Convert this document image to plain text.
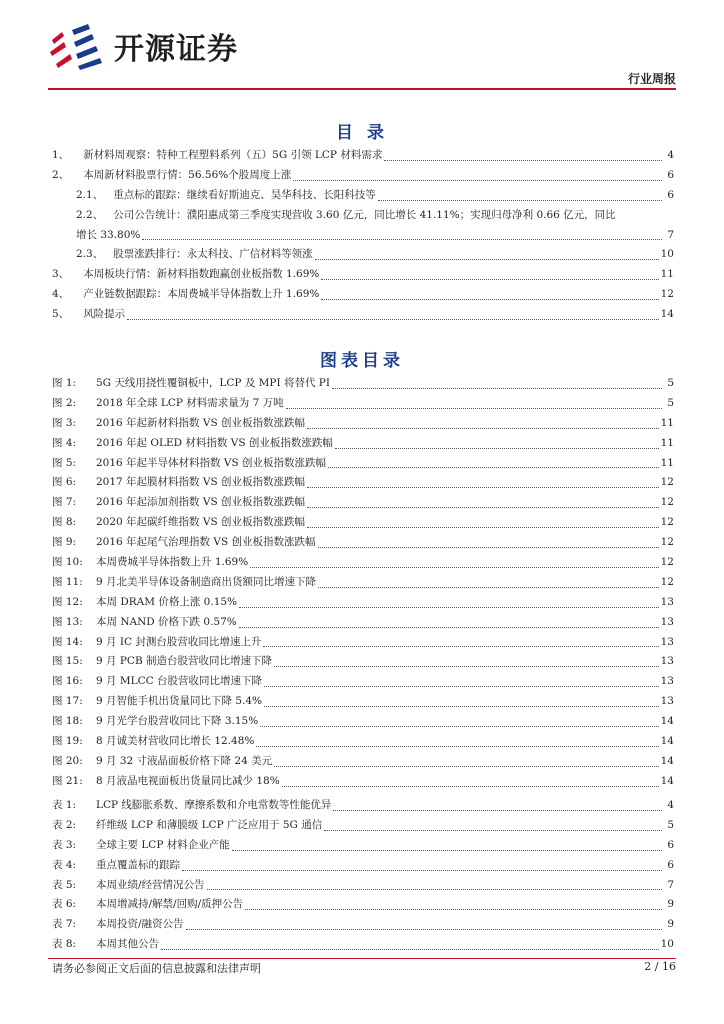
开源证券
行业周报
目 录
1、 新材料周观察：特种工程塑料系列（五）5G 引领 LCP 材料需求	4
2、 本周新材料股票行情：56.56%个股周度上涨	6
2.1、 重点标的跟踪：继续看好斯迪克、昊华科技、长阳科技等	6
2.2、 公司公告统计：濮阳惠成第三季度实现营收 3.60 亿元，同比增长 41.11%；实现归母净利 0.66 亿元，同比
增长 33.80%	7
2.3、 股票涨跌排行：永太科技、广信材料等领涨	10
3、 本周板块行情：新材料指数跑赢创业板指数 1.69%	11
4、 产业链数据跟踪：本周费城半导体指数上升 1.69%	12
5、 风险提示	14
图表目录
图 1:	5G 天线用挠性覆铜板中，LCP 及 MPI 将替代 PI	5
图 2:	2018 年全球 LCP 材料需求量为 7 万吨	5
图 3:	2016 年起新材料指数 VS 创业板指数涨跌幅	11
图 4:	2016 年起 OLED 材料指数 VS 创业板指数涨跌幅	11
图 5:	2016 年起半导体材料指数 VS 创业板指数涨跌幅	11
图 6:	2017 年起膜材料指数 VS 创业板指数涨跌幅	12
图 7:	2016 年起添加剂指数 VS 创业板指数涨跌幅	12
图 8:	2020 年起碳纤维指数 VS 创业板指数涨跌幅	12
图 9:	2016 年起尾气治理指数 VS 创业板指数涨跌幅	12
图 10:	本周费城半导体指数上升 1.69%	12
图 11:	9 月北美半导体设备制造商出货额同比增速下降	12
图 12:	本周 DRAM 价格上涨 0.15%	13
图 13:	本周 NAND 价格下跌 0.57%	13
图 14:	9 月 IC 封测台股营收同比增速上升	13
图 15:	9 月 PCB 制造台股营收同比增速下降	13
图 16:	9 月 MLCC 台股营收同比增速下降	13
图 17:	9 月智能手机出货量同比下降 5.4%	13
图 18:	9 月光学台股营收同比下降 3.15%	14
图 19:	8 月诚美材营收同比增长 12.48%	14
图 20:	9 月 32 寸液晶面板价格下降 24 美元	14
图 21:	8 月液晶电视面板出货量同比减少 18%	14
表 1:	LCP 线膨胀系数、摩擦系数和介电常数等性能优异	4
表 2:	纤维级 LCP 和薄膜级 LCP 广泛应用于 5G 通信	5
表 3:	全球主要 LCP 材料企业产能	6
表 4:	重点覆盖标的跟踪	6
表 5:	本周业绩/经营情况公告	7
表 6:	本周增减持/解禁/回购/质押公告	9
表 7:	本周投资/融资公告	9
表 8:	本周其他公告	10
请务必参阅正文后面的信息披露和法律声明	2 / 16
